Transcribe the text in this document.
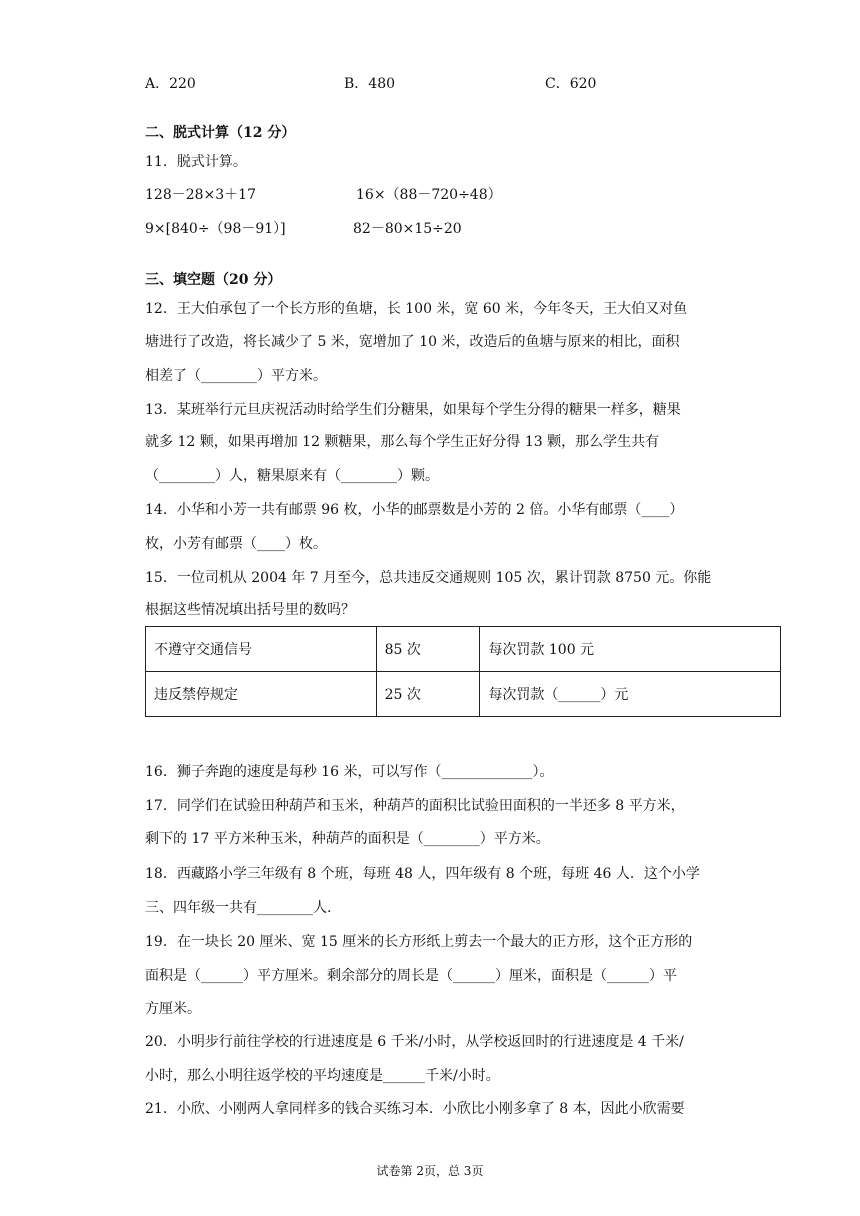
A．220	B．480	C．620

二、脱式计算（12 分）

11．脱式计算。

128－28×3＋17	16×（88－720÷48）

9×[840÷（98－91）]	82－80×15÷20

三、填空题（20 分）

12．王大伯承包了一个长方形的鱼塘，长 100 米，宽 60 米，今年冬天，王大伯又对鱼

塘进行了改造，将长减少了 5 米，宽增加了 10 米，改造后的鱼塘与原来的相比，面积

相差了（________）平方米。

13．某班举行元旦庆祝活动时给学生们分糖果，如果每个学生分得的糖果一样多，糖果

就多 12 颗，如果再增加 12 颗糖果，那么每个学生正好分得 13 颗，那么学生共有

（________）人，糖果原来有（________）颗。

14．小华和小芳一共有邮票 96 枚，小华的邮票数是小芳的 2 倍。小华有邮票（____）

枚，小芳有邮票（____）枚。

15．一位司机从 2004 年 7 月至今，总共违反交通规则 105 次，累计罚款 8750 元。你能

根据这些情况填出括号里的数吗？

不遵守交通信号	85 次	每次罚款 100 元
违反禁停规定	25 次	每次罚款（______）元

16．狮子奔跑的速度是每秒 16 米，可以写作（_____________）。

17．同学们在试验田种葫芦和玉米，种葫芦的面积比试验田面积的一半还多 8 平方米，

剩下的 17 平方米种玉米，种葫芦的面积是（________）平方米。

18．西藏路小学三年级有 8 个班，每班 48 人，四年级有 8 个班，每班 46 人．这个小学

三、四年级一共有________人.

19．在一块长 20 厘米、宽 15 厘米的长方形纸上剪去一个最大的正方形，这个正方形的

面积是（______）平方厘米。剩余部分的周长是（______）厘米，面积是（______）平

方厘米。

20．小明步行前往学校的行进速度是 6 千米/小时，从学校返回时的行进速度是 4 千米/

小时，那么小明往返学校的平均速度是______千米/小时。

21．小欣、小刚两人拿同样多的钱合买练习本．小欣比小刚多拿了 8 本，因此小欣需要

试卷第 2页，总 3页
